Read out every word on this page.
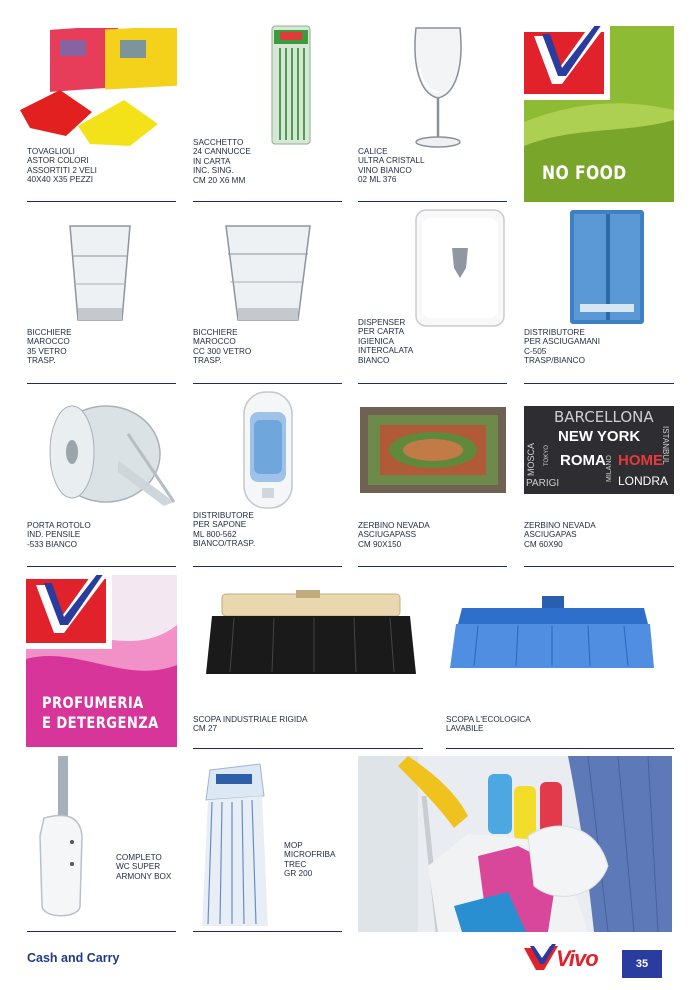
TOVAGLIOLI
ASTOR COLORI
ASSORTITI 2 VELI
40X40 X35 PEZZI
SACCHETTO
24 CANNUCCE
IN CARTA
INC. SING.
CM 20 X6 MM
CALICE
ULTRA CRISTALL
VINO BIANCO
02 ML 376	NO FOOD
BICCHIERE
MAROCCO
35 VETRO
TRASP.
BICCHIERE
MAROCCO
CC 300 VETRO
TRASP.
DISPENSER
PER CARTA
IGIENICA
INTERCALATA
BIANCO
DISTRIBUTORE
PER ASCIUGAMANI
C-505
TRASP/BIANCO
PORTA ROTOLO
IND. PENSILE
-533 BIANCO
DISTRIBUTORE
PER SAPONE
ML 800-562
BIANCO/TRASP.
ZERBINO NEVADA
ASCIUGAPASS
CM 90X150
BARCELLONA
MOSCA TOKYO
NEW YORK
ROMA MILANO HOME
ISTANBUL
PARIGI	LONDRA
ZERBINO NEVADA
ASCIUGAPAS
CM 60X90
PROFUMERIA
E DETERGENZA	SCOPA INDUSTRIALE RIGIDA
CM 27
SCOPA L'ECOLOGICA
LAVABILE
COMPLETO
WC SUPER
ARMONY BOX
MOP
MICROFRIBA
TREC
GR 200
Cash and Carry	Vivo	35
